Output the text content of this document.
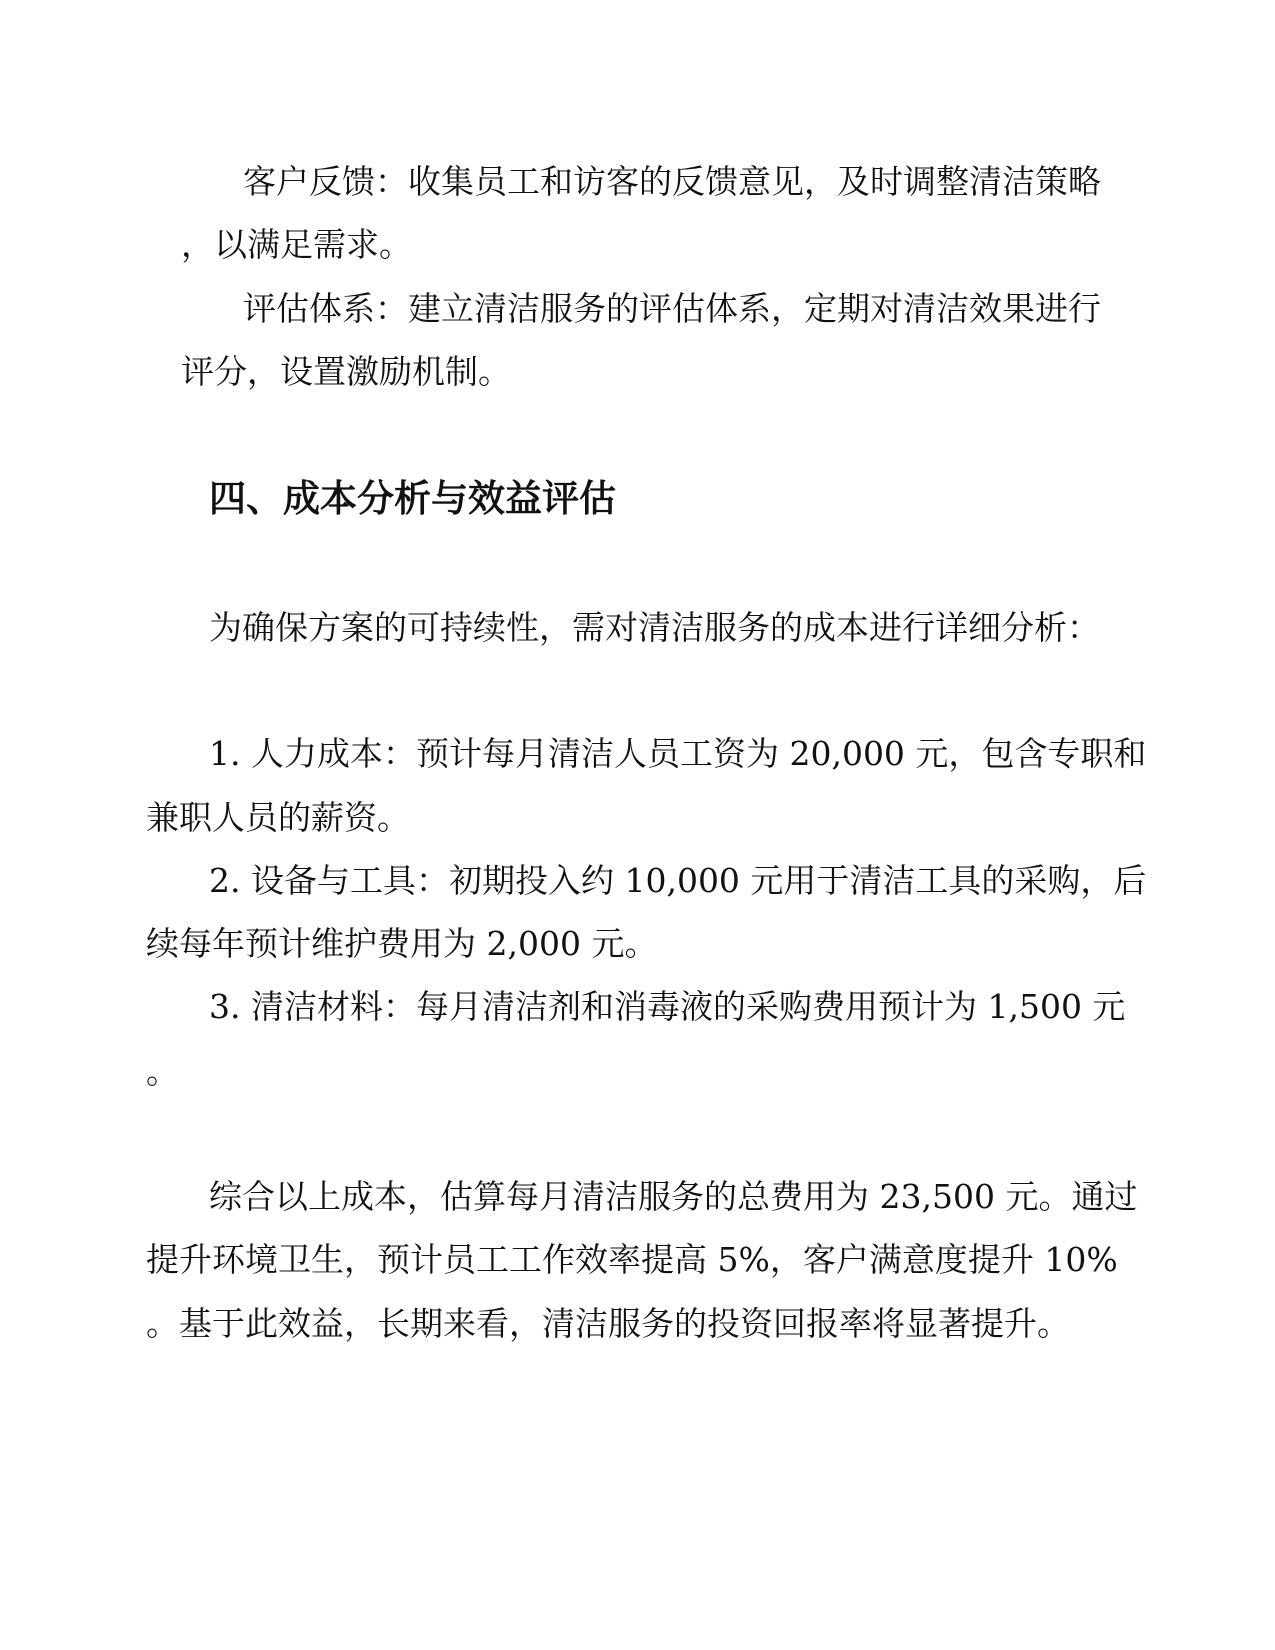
客户反馈：收集员工和访客的反馈意见，及时调整清洁策略

，以满足需求。

评估体系：建立清洁服务的评估体系，定期对清洁效果进行

评分，设置激励机制。

四、成本分析与效益评估

为确保方案的可持续性，需对清洁服务的成本进行详细分析：

1. 人力成本：预计每月清洁人员工资为 20,000 元，包含专职和

兼职人员的薪资。

2. 设备与工具：初期投入约 10,000 元用于清洁工具的采购，后

续每年预计维护费用为 2,000 元。

3. 清洁材料：每月清洁剂和消毒液的采购费用预计为 1,500 元

。

综合以上成本，估算每月清洁服务的总费用为 23,500 元。通过

提升环境卫生，预计员工工作效率提高 5%，客户满意度提升 10%

。基于此效益，长期来看，清洁服务的投资回报率将显著提升。
